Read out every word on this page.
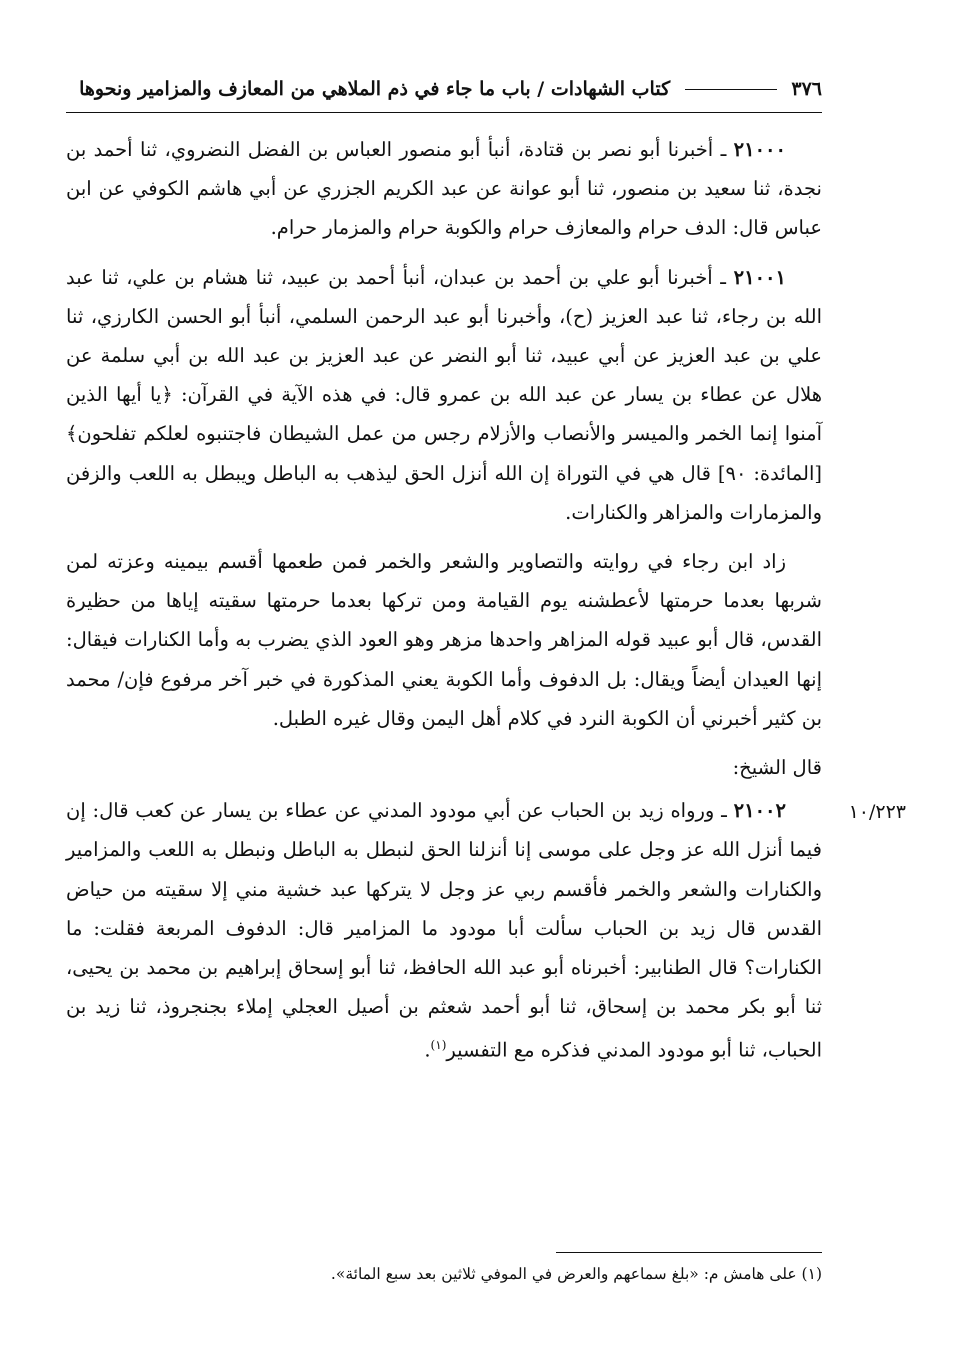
٣٧٦  كتاب الشهادات / باب ما جاء في ذم الملاهي من المعازف والمزامير ونحوها

٢١٠٠٠ ـ أخبرنا أبو نصر بن قتادة، أنبأ أبو منصور العباس بن الفضل النضروي، ثنا أحمد بن نجدة، ثنا سعيد بن منصور، ثنا أبو عوانة عن عبد الكريم الجزري عن أبي هاشم الكوفي عن ابن عباس قال: الدف حرام والمعازف حرام والكوبة حرام والمزمار حرام.

٢١٠٠١ ـ أخبرنا أبو علي بن أحمد بن عبدان، أنبأ أحمد بن عبيد، ثنا هشام بن علي، ثنا عبد الله بن رجاء، ثنا عبد العزيز (ح)، وأخبرنا أبو عبد الرحمن السلمي، أنبأ أبو الحسن الكارزي، ثنا علي بن عبد العزيز عن أبي عبيد، ثنا أبو النضر عن عبد العزيز بن عبد الله بن أبي سلمة عن هلال عن عطاء بن يسار عن عبد الله بن عمرو قال: في هذه الآية في القرآن: ﴿يا أيها الذين آمنوا إنما الخمر والميسر والأنصاب والأزلام رجس من عمل الشيطان فاجتنبوه لعلكم تفلحون﴾ [المائدة: ٩٠] قال هي في التوراة إن الله أنزل الحق ليذهب به الباطل ويبطل به اللعب والزفن والمزمارات والمزاهر والكنارات.

زاد ابن رجاء في روايته والتصاوير والشعر والخمر فمن طعمها أقسم بيمينه وعزته لمن شربها بعدما حرمتها لأعطشنه يوم القيامة ومن تركها بعدما حرمتها سقيته إياها من حظيرة القدس، قال أبو عبيد قوله المزاهر واحدها مزهر وهو العود الذي يضرب به وأما الكنارات فيقال: إنها العيدان أيضاً ويقال: بل الدفوف وأما الكوبة يعني المذكورة في خبر آخر مرفوع فإن/ محمد بن كثير أخبرني أن الكوبة النرد في كلام أهل اليمن وقال غيره الطبل.

قال الشيخ:

٢١٠٠٢ ـ ورواه زيد بن الحباب عن أبي مودود المدني عن عطاء بن يسار عن كعب قال: إن فيما أنزل الله عز وجل على موسى إنا أنزلنا الحق لنبطل به الباطل ونبطل به اللعب والمزامير والكنارات والشعر والخمر فأقسم ربي عز وجل لا يتركها عبد خشية مني إلا سقيته من حياض القدس قال زيد بن الحباب سألت أبا مودود ما المزامير قال: الدفوف المربعة فقلت: ما الكنارات؟ قال الطنابير: أخبرناه أبو عبد الله الحافظ، ثنا أبو إسحاق إبراهيم بن محمد بن يحيى، ثنا أبو بكر محمد بن إسحاق، ثنا أبو أحمد شعثم بن أصيل العجلي إملاء بجنجروذ، ثنا زيد بن الحباب، ثنا أبو مودود المدني فذكره مع التفسير$^{(١)}$.

١٠/٢٢٣
(١) على هامش م: «بلغ سماعهم والعرض في الموفي ثلاثين بعد سبع المائة».
